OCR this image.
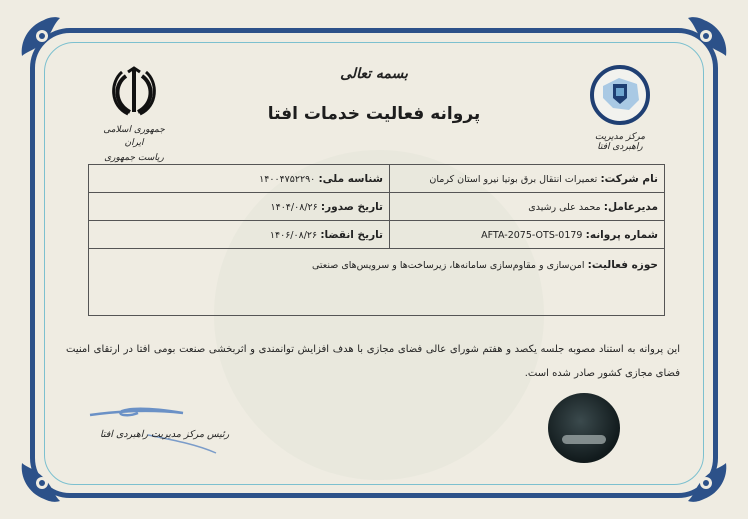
بسمه تعالی
پروانه فعالیت خدمات افتا
جمهوری اسلامی ایران
ریاست جمهوری
مرکز مدیریت راهبردی افتا
نام شرکت: تعمیرات انتقال برق بوتیا نیرو استان کرمان	شناسه ملی: ۱۴۰۰۴۷۵۲۲۹۰
مدیرعامل: محمد علی رشیدی	تاریخ صدور: ۱۴۰۴/۰۸/۲۶
شماره پروانه: AFTA-2075-OTS-0179	تاریخ انقضا: ۱۴۰۶/۰۸/۲۶
حوزه فعالیت: امن‌سازی و مقاوم‌سازی سامانه‌ها، زیرساخت‌ها و سرویس‌های صنعتی	
این پروانه به استناد مصوبه جلسه یکصد و هفتم شورای عالی فضای مجازی با هدف افزایش توانمندی و اثربخشی صنعت بومی افتا در ارتقای امنیت فضای مجازی کشور صادر شده است.
رئیس مرکز مدیریت راهبردی افتا
